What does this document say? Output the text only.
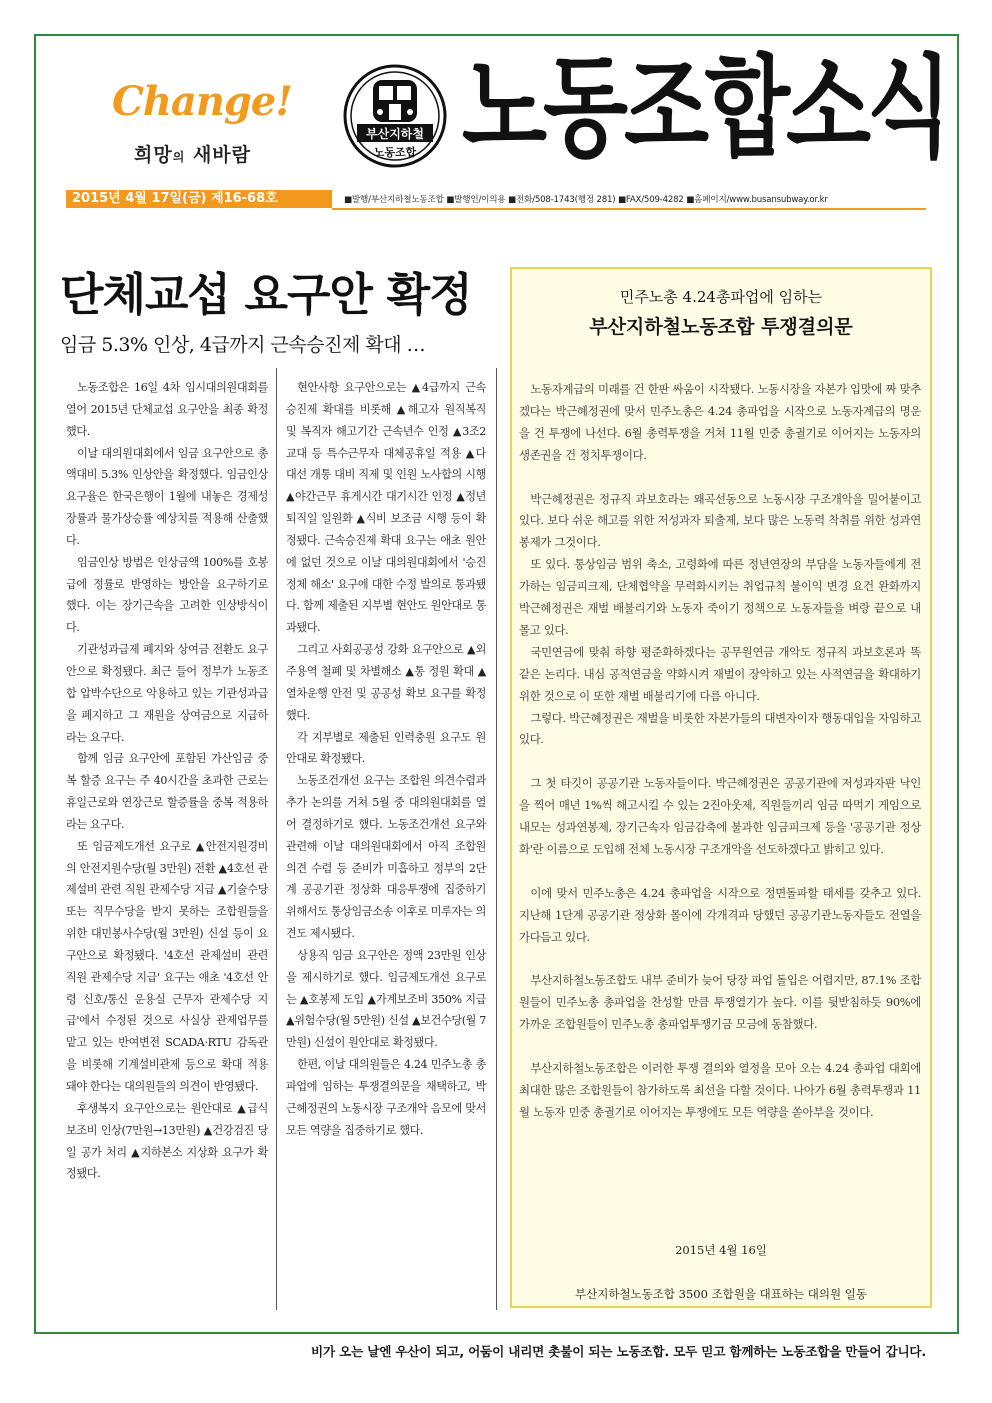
Change!
희망의 새바람
부산지하철
노동조합 노동조합소식
2015년 4월 17일(금) 제16-68호	■발행/부산지하철노동조합 ■발행인/이의용 ■전화/508-1743(행정 281) ■FAX/509-4282 ■홈페이지/www.busansubway.or.kr
단체교섭 요구안 확정
임금 5.3% 인상, 4급까지 근속승진제 확대 …

노동조합은 16일 4차 임시대의원대회를 열어 2015년 단체교섭 요구안을 최종 확정했다.

이날 대의원대회에서 임금 요구안으로 총액대비 5.3% 인상안을 확정했다. 임금인상 요구율은 한국은행이 1월에 내놓은 경제성장률과 물가상승률 예상치를 적용해 산출했다.

임금인상 방법은 인상금액 100%를 호봉급에 정률로 반영하는 방안을 요구하기로 했다. 이는 장기근속을 고려한 인상방식이다.

기관성과급제 폐지와 상여금 전환도 요구안으로 확정됐다. 최근 들어 정부가 노동조합 압박수단으로 악용하고 있는 기관성과급을 폐지하고 그 재원을 상여금으로 지급하라는 요구다.

함께 임금 요구안에 포함된 가산임금 중복 할증 요구는 주 40시간을 초과한 근로는 휴일근로와 연장근로 할증률을 중복 적용하라는 요구다.

또 임금제도개선 요구로 ▲안전지원경비의 안전지원수당(월 3만원) 전환 ▲4호선 관제설비 관련 직원 관제수당 지급 ▲기술수당 또는 직무수당을 받지 못하는 조합원들을 위한 대민봉사수당(월 3만원) 신설 등이 요구안으로 확정됐다. '4호선 관제설비 관련 직원 관제수당 지급' 요구는 애초 '4호선 안령 신호/통신 운용실 근무자 관제수당 지급'에서 수정된 것으로 사실상 관제업무를 맡고 있는 반여변전 SCADA·RTU 감독관을 비롯해 기계설비관제 등으로 확대 적용돼야 한다는 대의원들의 의견이 반영됐다.

후생복지 요구안으로는 원안대로 ▲급식보조비 인상(7만원→13만원) ▲건강검진 당일 공가 처리 ▲지하본소 지상화 요구가 확정됐다.

현안사항 요구안으로는 ▲4급까지 근속승진제 확대를 비롯해 ▲해고자 원직복직 및 복직자 해고기간 근속년수 인정 ▲3조2교대 등 특수근무자 대체공휴일 적용 ▲다대선 개통 대비 직제 및 인원 노사합의 시행 ▲야간근무 휴게시간 대기시간 인정 ▲정년퇴직일 일원화 ▲식비 보조금 시행 등이 확정됐다. 근속승진제 확대 요구는 애초 원안에 없던 것으로 이날 대의원대회에서 '승진정체 해소' 요구에 대한 수정 발의로 통과됐다. 함께 제출된 지부별 현안도 원안대로 통과됐다.

그리고 사회공공성 강화 요구안으로 ▲외주용역 철폐 및 차별해소 ▲통 정원 확대 ▲열차운행 안전 및 공공성 확보 요구를 확정했다.

각 지부별로 제출된 인력충원 요구도 원안대로 확정됐다.

노동조건개선 요구는 조합원 의견수렴과 추가 논의를 거쳐 5월 중 대의원대회를 열어 결정하기로 했다. 노동조건개선 요구와 관련해 이날 대의원대회에서 아직 조합원 의견 수렴 등 준비가 미흡하고 정부의 2단계 공공기관 정상화 대응투쟁에 집중하기 위해서도 통상임금소송 이후로 미루자는 의견도 제시됐다.

상용직 임금 요구안은 정액 23만원 인상을 제시하기로 했다. 임금제도개선 요구로는 ▲호봉제 도입 ▲가계보조비 350% 지급 ▲위험수당(월 5만원) 신설 ▲보건수당(월 7만원) 신설이 원안대로 확정됐다.

한편, 이날 대의원들은 4.24 민주노총 총파업에 임하는 투쟁결의문을 채택하고, 박근혜정권의 노동시장 구조개악 음모에 맞서 모든 역량을 집중하기로 했다.

민주노총 4.24총파업에 임하는
부산지하철노동조합 투쟁결의문

노동자계급의 미래를 건 한판 싸움이 시작됐다. 노동시장을 자본가 입맛에 짜 맞추겠다는 박근혜정권에 맞서 민주노총은 4.24 총파업을 시작으로 노동자계급의 명운을 건 투쟁에 나선다. 6월 총력투쟁을 거쳐 11월 민중 총궐기로 이어지는 노동자의 생존권을 건 정치투쟁이다.

박근혜정권은 정규직 과보호라는 왜곡선동으로 노동시장 구조개악을 밀어붙이고 있다. 보다 쉬운 해고를 위한 저성과자 퇴출제, 보다 많은 노동력 착취를 위한 성과연봉제가 그것이다.

또 있다. 통상임금 범위 축소, 고령화에 따른 정년연장의 부담을 노동자들에게 전가하는 임금피크제, 단체협약을 무력화시키는 취업규칙 불이익 변경 요건 완화까지 박근혜정권은 재벌 배불리기와 노동자 죽이기 정책으로 노동자들을 벼랑 끝으로 내몰고 있다.

국민연금에 맞춰 하향 평준화하겠다는 공무원연금 개악도 정규직 과보호론과 똑 같은 논리다. 내심 공적연금을 약화시켜 재벌이 장악하고 있는 사적연금을 확대하기 위한 것으로 이 또한 재벌 배불리기에 다름 아니다.

그렇다. 박근혜정권은 재벌을 비롯한 자본가들의 대변자이자 행동대입을 자임하고 있다.

그 첫 타깃이 공공기관 노동자들이다. 박근혜정권은 공공기관에 저성과자판 낙인을 찍어 매년 1%씩 해고시킬 수 있는 2진아웃제, 직원들끼리 임금 따먹기 게임으로 내모는 성과연봉제, 장기근속자 임금감축에 불과한 임금피크제 등을 '공공기관 정상화'란 이름으로 도입해 전체 노동시장 구조개악을 선도하겠다고 밝히고 있다.

이에 맞서 민주노총은 4.24 총파업을 시작으로 정면돌파할 태세를 갖추고 있다. 지난해 1단계 공공기관 정상화 몰이에 각개격파 당했던 공공기관노동자들도 전열을 가다듬고 있다.

부산지하철노동조합도 내부 준비가 늦어 당장 파업 돌입은 어렵지만, 87.1% 조합원들이 민주노총 총파업을 찬성할 만큼 투쟁열기가 높다. 이를 뒷받침하듯 90%에 가까운 조합원들이 민주노총 총파업투쟁기금 모금에 동참했다.

부산지하철노동조합은 이러한 투쟁 결의와 열정을 모아 오는 4.24 총파업 대회에 최대한 많은 조합원들이 참가하도록 최선을 다할 것이다. 나아가 6월 총력투쟁과 11월 노동자 민중 총궐기로 이어지는 투쟁에도 모든 역량을 쏟아부을 것이다.

2015년 4월 16일
부산지하철노동조합 3500 조합원을 대표하는 대의원 일동
비가 오는 날엔 우산이 되고, 어둠이 내리면 촛불이 되는 노동조합. 모두 믿고 함께하는 노동조합을 만들어 갑니다.
